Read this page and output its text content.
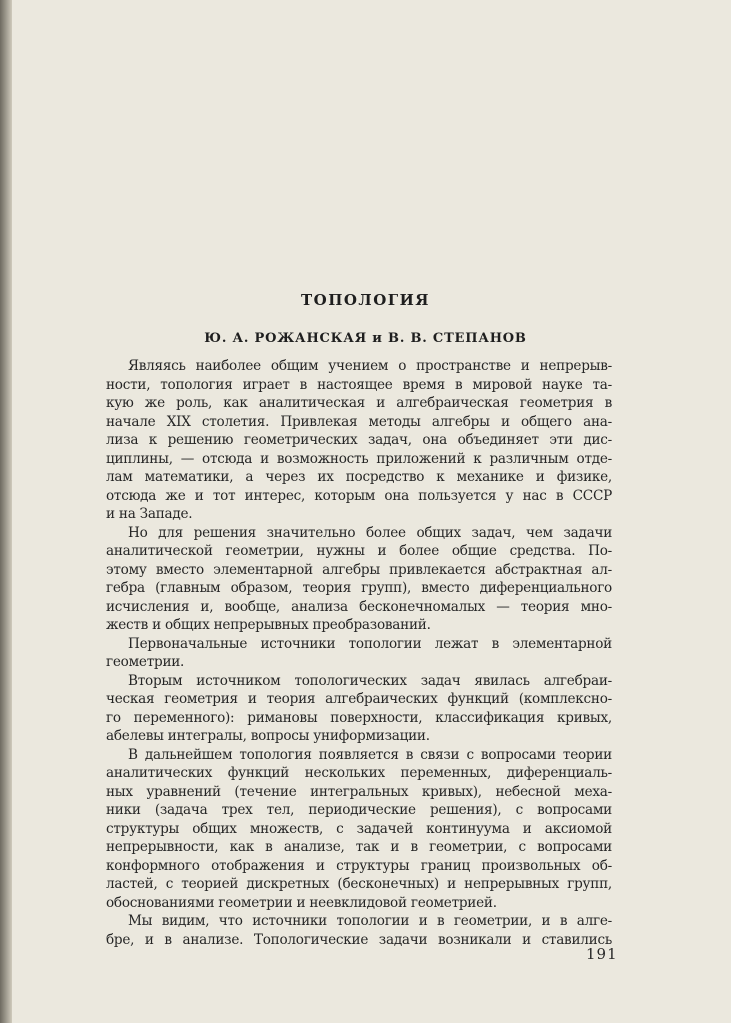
ТОПОЛОГИЯ
Ю. А. РОЖАНСКАЯ и В. В. СТЕПАНОВ
Являясь наиболее общим учением о пространстве и непрерыв-
ности, топология играет в настоящее время в мировой науке та-
кую же роль, как аналитическая и алгебраическая геометрия в
начале XIX столетия. Привлекая методы алгебры и общего ана-
лиза к решению геометрических задач, она объединяет эти дис-
циплины, — отсюда и возможность приложений к различным отде-
лам математики, а через их посредство к механике и физике,
отсюда же и тот интерес, которым она пользуется у нас в СССР
и на Западе.
Но для решения значительно более общих задач, чем задачи
аналитической геометрии, нужны и более общие средства. По-
этому вместо элементарной алгебры привлекается абстрактная ал-
гебра (главным образом, теория групп), вместо диференциального
исчисления и, вообще, анализа бесконечномалых — теория мно-
жеств и общих непрерывных преобразований.
Первоначальные источники топологии лежат в элементарной
геометрии.
Вторым источником топологических задач явилась алгебраи-
ческая геометрия и теория алгебраических функций (комплексно-
го переменного): римановы поверхности, классификация кривых,
абелевы интегралы, вопросы униформизации.
В дальнейшем топология появляется в связи с вопросами теории
аналитических функций нескольких переменных, диференциаль-
ных уравнений (течение интегральных кривых), небесной меха-
ники (задача трех тел, периодические решения), с вопросами
структуры общих множеств, с задачей континуума и аксиомой
непрерывности, как в анализе, так и в геометрии, с вопросами
конформного отображения и структуры границ произвольных об-
ластей, с теорией дискретных (бесконечных) и непрерывных групп,
обоснованиями геометрии и неевклидовой геометрией.
Мы видим, что источники топологии и в геометрии, и в алге-
бре, и в анализе. Топологические задачи возникали и ставились
191
